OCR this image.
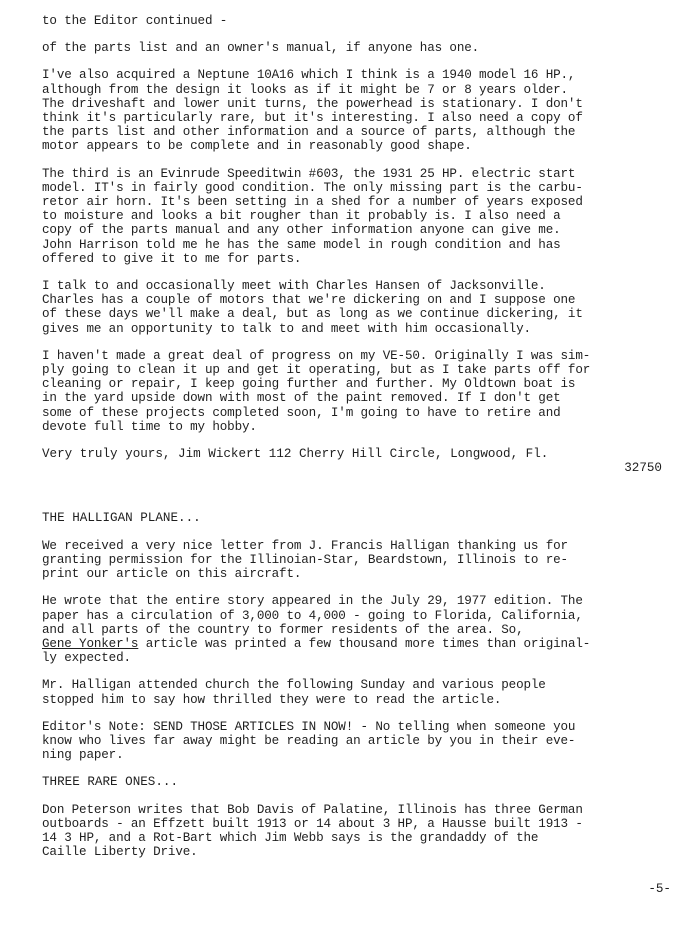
to the Editor continued -

of the parts list and an owner's manual, if anyone has one.

I've also acquired a Neptune 10A16 which I think is a 1940 model 16 HP.,
although from the design it looks as if it might be 7 or 8 years older.
The driveshaft and lower unit turns, the powerhead is stationary. I don't
think it's particularly rare, but it's interesting. I also need a copy of
the parts list and other information and a source of parts, although the
motor appears to be complete and in reasonably good shape.

The third is an Evinrude Speeditwin #603, the 1931 25 HP. electric start
model. IT's in fairly good condition. The only missing part is the carbu-
retor air horn. It's been setting in a shed for a number of years exposed
to moisture and looks a bit rougher than it probably is. I also need a
copy of the parts manual and any other information anyone can give me.
John Harrison told me he has the same model in rough condition and has
offered to give it to me for parts.

I talk to and occasionally meet with Charles Hansen of Jacksonville.
Charles has a couple of motors that we're dickering on and I suppose one
of these days we'll make a deal, but as long as we continue dickering, it
gives me an opportunity to talk to and meet with him occasionally.

I haven't made a great deal of progress on my VE-50. Originally I was sim-
ply going to clean it up and get it operating, but as I take parts off for
cleaning or repair, I keep going further and further. My Oldtown boat is
in the yard upside down with most of the paint removed. If I don't get
some of these projects completed soon, I'm going to have to retire and
devote full time to my hobby.

Very truly yours, Jim Wickert 112 Cherry Hill Circle, Longwood, Fl.

32750

THE HALLIGAN PLANE...

We received a very nice letter from J. Francis Halligan thanking us for
granting permission for the Illinoian-Star, Beardstown, Illinois to re-
print our article on this aircraft.

He wrote that the entire story appeared in the July 29, 1977 edition. The
paper has a circulation of 3,000 to 4,000 - going to Florida, California,
and all parts of the country to former residents of the area. So,
Gene Yonker's article was printed a few thousand more times than original-
ly expected.

Mr. Halligan attended church the following Sunday and various people
stopped him to say how thrilled they were to read the article.

Editor's Note: SEND THOSE ARTICLES IN NOW! - No telling when someone you
know who lives far away might be reading an article by you in their eve-
ning paper.

THREE RARE ONES...

Don Peterson writes that Bob Davis of Palatine, Illinois has three German
outboards - an Effzett built 1913 or 14 about 3 HP, a Hausse built 1913 -
14 3 HP, and a Rot-Bart which Jim Webb says is the grandaddy of the
Caille Liberty Drive.

-5-
